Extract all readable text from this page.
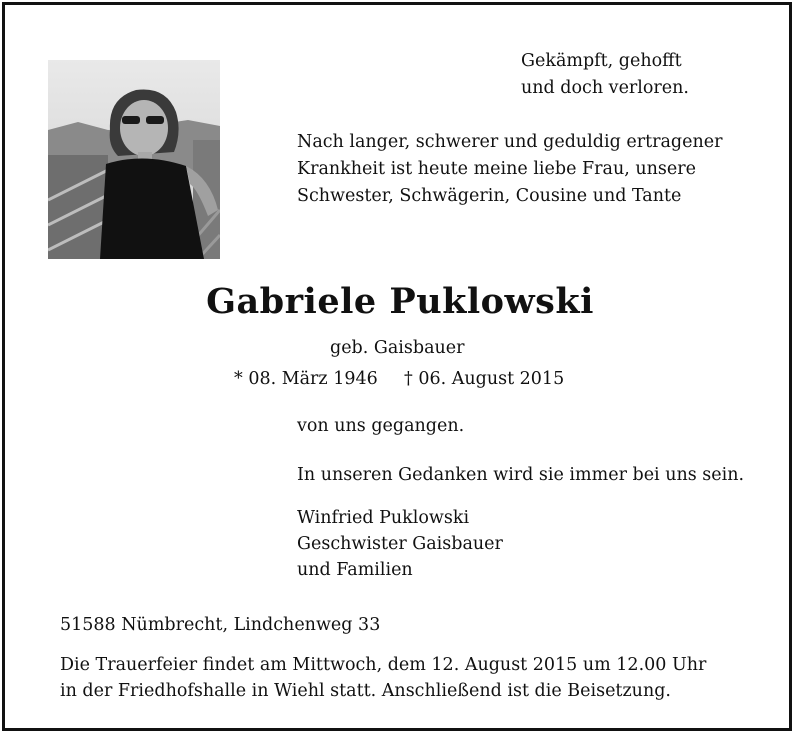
Gekämpft, gehofft

und doch verloren.

Nach langer, schwerer und geduldig ertragener

Krankheit ist heute meine liebe Frau, unsere

Schwester, Schwägerin, Cousine und Tante

Gabriele Puklowski

geb. Gaisbauer

* 08. März 1946 † 06. August 2015

von uns gegangen.

In unseren Gedanken wird sie immer bei uns sein.

Winfried Puklowski

Geschwister Gaisbauer

und Familien

51588 Nümbrecht, Lindchenweg 33

Die Trauerfeier findet am Mittwoch, dem 12. August 2015 um 12.00 Uhr

in der Friedhofshalle in Wiehl statt. Anschließend ist die Beisetzung.
